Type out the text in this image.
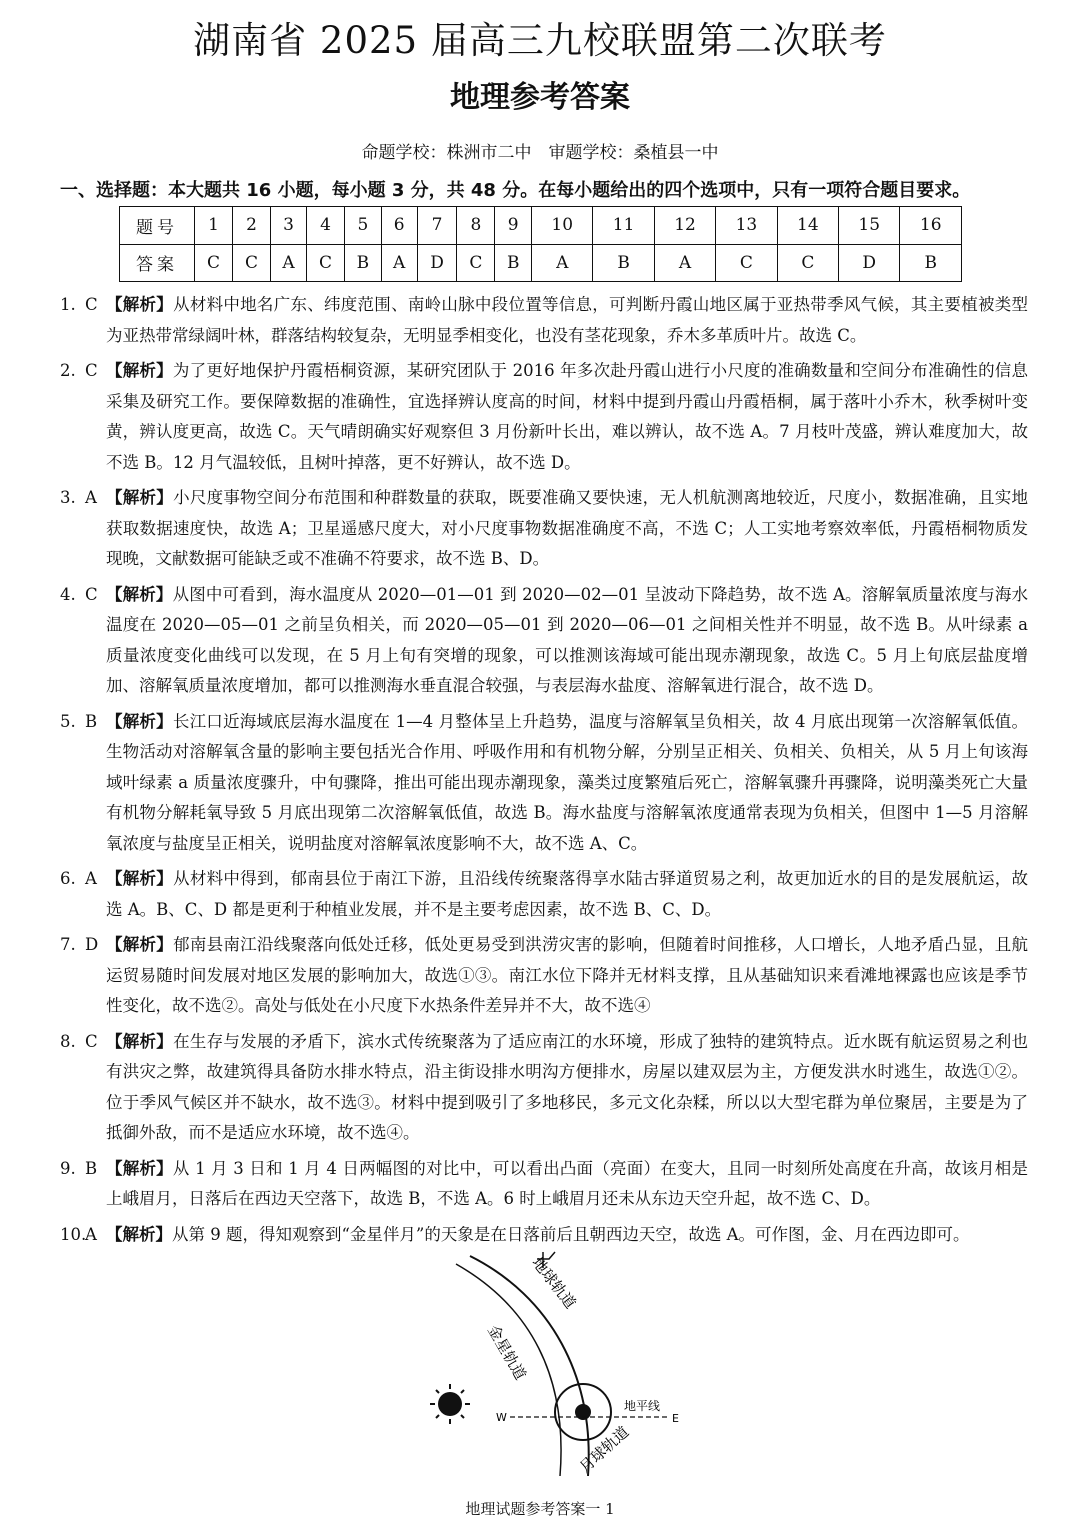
湖南省 2025 届高三九校联盟第二次联考
地理参考答案
命题学校：株洲市二中　审题学校：桑植县一中
一、选择题：本大题共 16 小题，每小题 3 分，共 48 分。在每小题给出的四个选项中，只有一项符合题目要求。
题号	1	2	3	4	5	6	7	8	9	10	11	12	13	14	15	16
答案	C	C	A	C	B	A	D	C	B	A	B	A	C	C	D	B
1. C 【解析】从材料中地名广东、纬度范围、南岭山脉中段位置等信息，可判断丹霞山地区属于亚热带季风气候，其主要植被类型为亚热带常绿阔叶林，群落结构较复杂，无明显季相变化，也没有茎花现象，乔木多革质叶片。故选 C。
2. C 【解析】为了更好地保护丹霞梧桐资源，某研究团队于 2016 年多次赴丹霞山进行小尺度的准确数量和空间分布准确性的信息采集及研究工作。要保障数据的准确性，宜选择辨认度高的时间，材料中提到丹霞山丹霞梧桐，属于落叶小乔木，秋季树叶变黄，辨认度更高，故选 C。天气晴朗确实好观察但 3 月份新叶长出，难以辨认，故不选 A。7 月枝叶茂盛，辨认难度加大，故不选 B。12 月气温较低，且树叶掉落，更不好辨认，故不选 D。
3. A 【解析】小尺度事物空间分布范围和种群数量的获取，既要准确又要快速，无人机航测离地较近，尺度小，数据准确，且实地获取数据速度快，故选 A；卫星遥感尺度大，对小尺度事物数据准确度不高，不选 C；人工实地考察效率低，丹霞梧桐物质发现晚，文献数据可能缺乏或不准确不符要求，故不选 B、D。
4. C 【解析】从图中可看到，海水温度从 2020—01—01 到 2020—02—01 呈波动下降趋势，故不选 A。溶解氧质量浓度与海水温度在 2020—05—01 之前呈负相关，而 2020—05—01 到 2020—06—01 之间相关性并不明显，故不选 B。从叶绿素 a 质量浓度变化曲线可以发现，在 5 月上旬有突增的现象，可以推测该海域可能出现赤潮现象，故选 C。5 月上旬底层盐度增加、溶解氧质量浓度增加，都可以推测海水垂直混合较强，与表层海水盐度、溶解氧进行混合，故不选 D。
5. B 【解析】长江口近海域底层海水温度在 1—4 月整体呈上升趋势，温度与溶解氧呈负相关，故 4 月底出现第一次溶解氧低值。生物活动对溶解氧含量的影响主要包括光合作用、呼吸作用和有机物分解，分别呈正相关、负相关、负相关，从 5 月上旬该海域叶绿素 a 质量浓度骤升，中旬骤降，推出可能出现赤潮现象，藻类过度繁殖后死亡，溶解氧骤升再骤降，说明藻类死亡大量有机物分解耗氧导致 5 月底出现第二次溶解氧低值，故选 B。海水盐度与溶解氧浓度通常表现为负相关，但图中 1—5 月溶解氧浓度与盐度呈正相关，说明盐度对溶解氧浓度影响不大，故不选 A、C。
6. A 【解析】从材料中得到，郁南县位于南江下游，且沿线传统聚落得享水陆古驿道贸易之利，故更加近水的目的是发展航运，故选 A。B、C、D 都是更利于种植业发展，并不是主要考虑因素，故不选 B、C、D。
7. D 【解析】郁南县南江沿线聚落向低处迁移，低处更易受到洪涝灾害的影响，但随着时间推移，人口增长，人地矛盾凸显，且航运贸易随时间发展对地区发展的影响加大，故选①③。南江水位下降并无材料支撑，且从基础知识来看滩地裸露也应该是季节性变化，故不选②。高处与低处在小尺度下水热条件差异并不大，故不选④
8. C 【解析】在生存与发展的矛盾下，滨水式传统聚落为了适应南江的水环境，形成了独特的建筑特点。近水既有航运贸易之利也有洪灾之弊，故建筑得具备防水排水特点，沿主街设排水明沟方便排水，房屋以建双层为主，方便发洪水时逃生，故选①②。位于季风气候区并不缺水，故不选③。材料中提到吸引了多地移民，多元文化杂糅，所以以大型宅群为单位聚居，主要是为了抵御外敌，而不是适应水环境，故不选④。
9. B 【解析】从 1 月 3 日和 1 月 4 日两幅图的对比中，可以看出凸面（亮面）在变大，且同一时刻所处高度在升高，故该月相是上峨眉月，日落后在西边天空落下，故选 B，不选 A。6 时上峨眉月还未从东边天空升起，故不选 C、D。
10.
A 【解析】从第 9 题，得知观察到“金星伴月”的天象是在日落前后且朝西边天空，故选 A。可作图，金、月在西边即可。
地球轨道
金星轨道
月球轨道
地平线
W	E
地理试题参考答案一 1
